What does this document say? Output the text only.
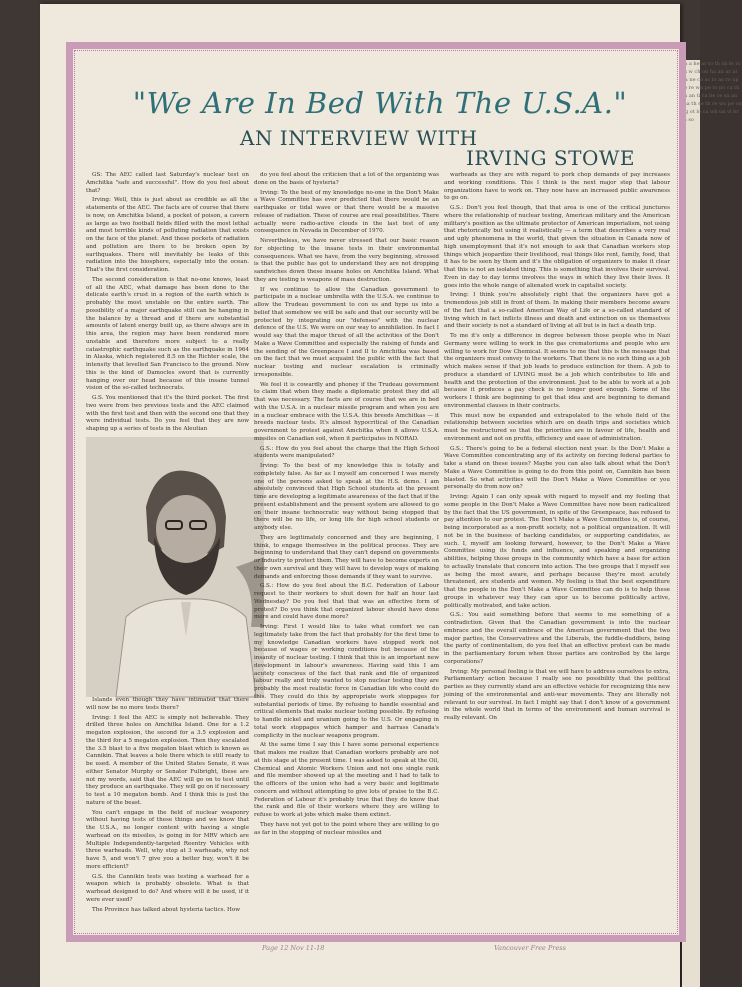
th a he ar to th sh fe ro rs w ch on ha an ar al ca ne co ac lo as ro up to re wh pe to po ca th th an ti ca be re sa an ma th se th re wo pe on ag ot lo ca wh un vi br m so
"We Are In Bed With The U.S.A."
AN INTERVIEW WITH
IRVING STOWE

GS: The AEC called last Saturday's nuclear test on Amchitka "safe and successful". How do you feel about that?

Irving: Well, this is just about as credible as all the statements of the AEC. The facts are of course that there is now, on Amchitka Island, a pocket of poison, a cavern as large as two football fields filled with the most lethal and most terrible kinds of polluting radiation that exists on the face of the planet. And these pockets of radiation and pollution are there to be broken open by earthquakes. There will inevitably be leaks of this radiation into the biosphere, especially into the ocean. That's the first consideration.

The second consideration is that no-one knows, least of all the AEC, what damage has been done to the delicate earth's crust in a region of the earth which is probably the most unstable on the entire earth. The possibility of a major earthquake still can be hanging in the balance by a thread and if there are substantial amounts of latent energy built up, as there always are in this area, the region may have been rendered more unstable and therefore more subject to a really catastrophic earthquake such as the earthquake in 1964 in Alaska, which registered 8.5 on the Richter scale, the intensity that levelled San Francisco to the ground. Now this is the kind of Damocles sword that is currently hanging over our head because of this insane tunnel vision of the so-called technocrats.

G.S. You mentioned that it's the third pocket. The first two were from two previous tests and the AEC claimed with the first test and then with the second one that they were individual tests. Do you feel that they are now shaping up a series of tests in the Aleutian

Islands even though they have intimated that there will now be no more tests there?

Irving: I feel the AEC is simply not believable. They drilled three holes on Amchitka Island. One for a 1.2 megaton explosion, the second for a 3.5 explosion and the third for a 5 megaton explosion. Then they escalated the 3.5 blast to a five megaton blast which is known as Cannikin. That leaves a hole there which is still ready to be used. A member of the United States Senate, it was either Senator Murphy or Senator Fulbright, these are not my words, said that the AEC will go on to test until they produce an earthquake. They will go on if necessary to test a 10 megaton bomb. And I think this is just the nature of the beast.

You can't engage in the field of nuclear weaponry without having tests of these things and we know that the U.S.A., no longer content with having a single warhead on its missiles, is going in for MRV which are Multiple Independently-targeted Reentry Vehicles with three warheads. Well, why stop at 3 warheads, why not have 5, and won't 7 give you a better buy, won't it be more efficient?

G.S. the Cannikin tests was testing a warhead for a weapon which is probably obsolete. What is that warhead designed to do? And where will it be used, if it were ever used?

The Province has talked about hysteria tactics. How

do you feel about the criticism that a lot of the organizing was done on the basis of hysteria?

Irving: To the best of my knowledge no-one in the Don't Make a Wave Committee has ever predicted that there would be an earthquake or tidal wave or that there would be a massive release of radiation. These of course are real possibilities. There actually were radio-active clouds in the last test of any consequence in Nevada in December of 1970.

Nevertheless, we have never stressed that our basic reason for objecting to the insane tests in their environmental consequences. What we have, from the very beginning, stressed is that the public has got to understand they are not dropping sandwiches down these insane holes on Amchitka Island. What they are testing is weapons of mass destruction.

If we continue to allow the Canadian government to participate in a nuclear umbrella with the U.S.A. we continue to allow the Trudeau government to con us and hype us into a belief that somehow we will be safe and that our security will be protected by integrating our "defenses" with the nuclear defence of the U.S. We were on our way to annihilation. In fact I would say that the major thrust of all the activities of the Don't Make a Wave Committee and especially the raising of funds and the sending of the Greenpeace I and II to Amchitka was based on the fact that we must acquaint the public with the fact that nuclear testing and nuclear escalation is criminally irresponsible.

We feel it is cowardly and phoney if the Trudeau government to claim that when they made a diplomatic protest they did all that was necessary. The facts are of course that we are in bed with the U.S.A. in a nuclear missile program and when you are in a nuclear embrace with the U.S.A. this breeds Amchitkas — it breeds nuclear tests. It's almost hypocritical of the Canadian government to protest against Amchitka when it allows U.S.A. missiles on Canadian soil, when it participates in NORAD.

G.S.: How do you feel about the charge that the High School students were manipulated?

Irving: To the best of my knowledge this is totally and completely false. As far as I myself am concerned I was merely one of the persons asked to speak at the H.S. demo. I am absolutely convinced that High School students at the present time are developing a legitimate awareness of the fact that if the present establishment and the present system are allowed to go on their insane technocratic way without being stopped that there will be no life, or long life for high school students or anybody else.

They are legitimately concerned and they are beginning, I think, to engage themselves in the political process. They are beginning to understand that they can't depend on governments or industry to protect them. They will have to become experts on their own survival and they will have to develop ways of making demands and enforcing those demands if they want to survive.

G.S.: How do you feel about the B.C. Federation of Labour request to their workers to shut down for half an hour last Wednesday? Do you feel that that was an effective form of protest? Do you think that organized labour should have done more and could have done more?

Irving: First I would like to take what comfort we can legitimately take from the fact that probably for the first time to my knowledge Canadian workers have stopped work not because of wages or working conditions but because of the insanity of nuclear testing. I think that this is an important new development in labour's awareness. Having said this I am acutely conscious of the fact that rank and file of organized labour really and truly wanted to stop nuclear testing they are probably the most realistic force in Canadian life who could do this. They could do this by appropriate work stoppages for substantial periods of time. By refusing to handle essential and critical elements that make nuclear testing possible. By refusing to handle nickel and uranium going to the U.S. Or engaging in total work stoppages which hamper and harrass Canada's complicity in the nuclear weapons program.

At the same time I say this I have some personal experience that makes me realize that Canadian workers probably are not at this stage at the present time. I was asked to speak at the Oil, Chemical and Atomic Workers Union and not one single rank and file member showed up at the meeting and I had to talk to the officers of the union who had a very basic and legitimate concern and without attempting to give lots of praise to the B.C. Federation of Labour it's probably true that they do know that the rank and file of their workers where they are willing to refuse to work at jobs which make them extinct.

They have not yet got to the point where they are willing to go as far in the stopping of nuclear missiles and

warheads as they are with regard to pork chop demands of pay increases and working conditions. This I think is the next major step that labour organizations have to work on. They now have an increased public awareness to go on.

G.S.: Don't you feel though, that that area is one of the critical junctures where the relationship of nuclear testing, American military and the American military's position as the ultimate protector of American imperialism, not using that rhetorically but using it realistically — a term that describes a very real and ugly phenomena in the world, that given the situation in Canada now of high unemployment that it's not enough to ask that Canadian workers stop things which jeopardize their livelihood, real things like rent, family, food, that it has to be seen by them and it's the obligation of organizers to make it clear that this is not an isolated thing. This is something that involves their survival. Even in day to day terms involves the ways in which they live their lives. It goes into the whole range of alienated work in capitalist society.

Irving: I think you're absolutely right that the organizers have got a tremendous job still in front of them. In making their members become aware of the fact that a so-called American Way of Life or a so-called standard of living which in fact inflicts illness and death and extinction on us themselves and their society is not a standard of living at all but is in fact a death trip.

To me it's only a difference in degree between those people who in Nazi Germany were willing to work in the gas crematoriums and people who are willing to work for Dow Chemical. It seems to me that this is the message that the organizers must convey to the workers. That there is no such thing as a job which makes sense if that job leads to produce extinction for them. A job to produce a standard of LIVING must be a job which contributes to life and health and the protection of the environment. Just to be able to work at a job because it produces a pay check is no longer good enough. Some of the workers I think are beginning to get that idea and are beginning to demand environmental clauses in their contracts.

This must now be expanded and extrapolated to the whole field of the relationship between societies which are on death trips and societies which must be restructured so that the priorities are in favour of life, health and environment and not on profits, efficiency and ease of administration.

G.S.: There's going to be a federal election next year. Is the Don't Make a Wave Committee concentrating any of its activity on forcing federal parties to take a stand on these issues? Maybe you can also talk about what the Don't Make a Wave Committee is going to do from this point on, Cannikin has been blasted. So what activities will the Don't Make a Wave Committee or you personally do from now on?

Irving: Again I can only speak with regard to myself and my feeling that some people in the Don't Make a Wave Committee have now been radicalized by the fact that the US government, in spite of the Greenpeace, has refused to pay attention to our protest. The Don't Make a Wave Committee is, of course, being incorporated as a non-profit society, not a political organization. It will not be in the business of backing candidates, or supporting candidates, as such. I, myself am looking forward, however, to the Don't Make a Wave Committee using its funds and influence, and speaking and organizing abilities, helping those groups in the community which have a base for action to actually translate that concern into action. The two groups that I myself see as being the most aware, and perhaps because they're most acutely threatened, are students and women. My feeling is that the best expenditure that the people in the Don't Make a Wave Committee can do is to help these groups in whatever way they can spur us to become politically active, politically motivated, and take action.

G.S.: You said something before that seems to me something of a contradiction. Given that the Canadian government is into the nuclear embrace and the overall embrace of the American government that the two major parties, the Conservatives and the Liberals, the fuddle-duddlers, being the party of continentalism, do you feel that an effective protest can be made in the parliamentary forum when those parties are controlled by the large corporations?

Irving: My personal feeling is that we will have to address ourselves to extra, Parliamentary action because I really see no possibility that the political parties as they currently stand are an effective vehicle for recognizing this new joining of the environmental and anti-war movements. They are literally not relevant to our survival. In fact I might say that I don't know of a government in the whole world that in terms of the environment and human survival is really relevant. On

Page 12 Nov 11-18	Vancouver Free Press
